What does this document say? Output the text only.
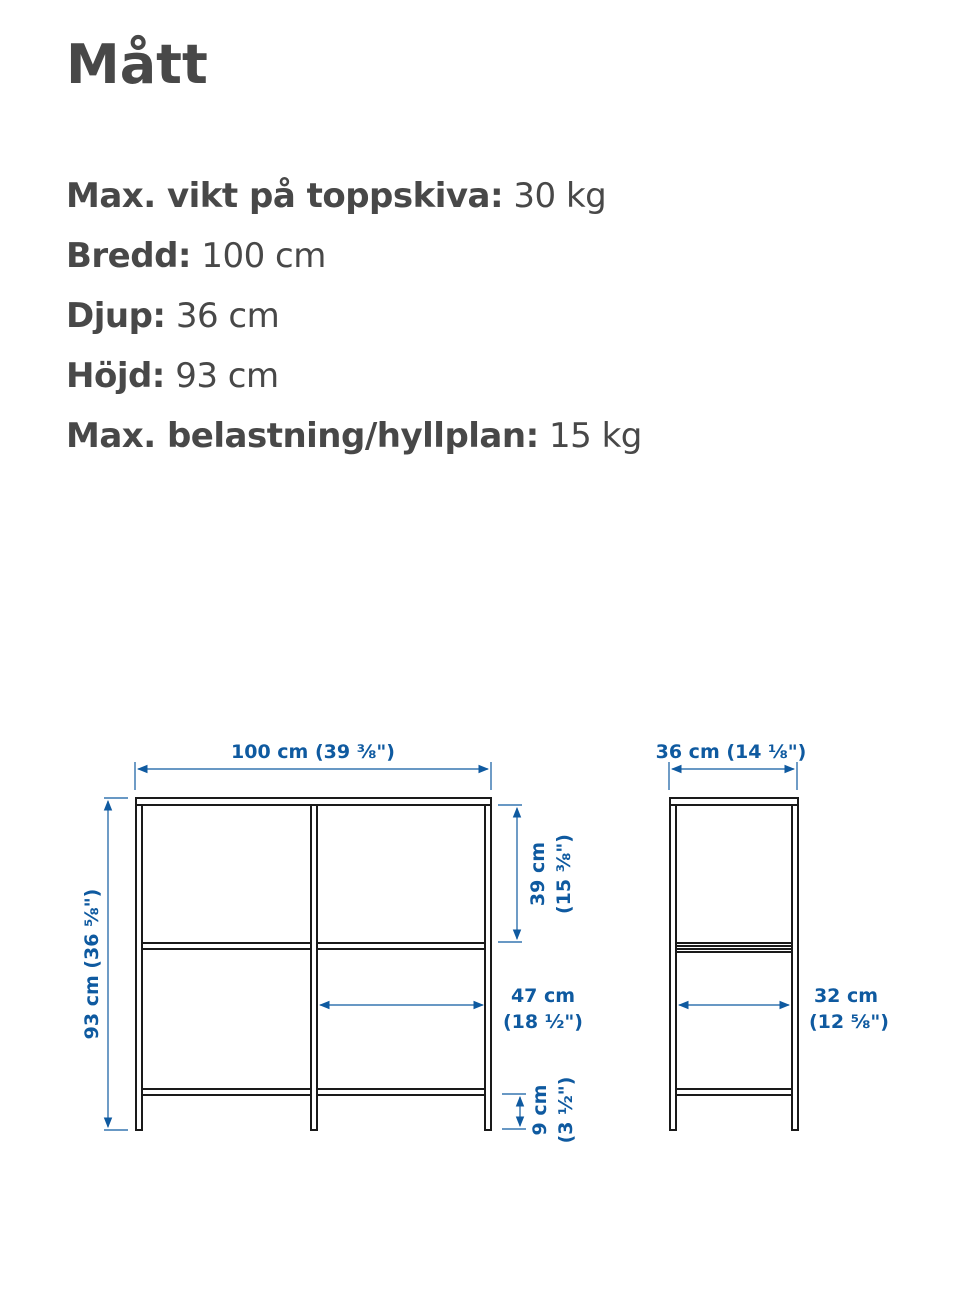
Mått
Max. vikt på toppskiva: 30 kg
Bredd: 100 cm
Djup: 36 cm
Höjd: 93 cm
Max. belastning/hyllplan: 15 kg
100 cm (39 ⅜")
93 cm (36 ⅝")
39 cm (15 ⅜")
47 cm
(18 ½")
9 cm (3 ½")
36 cm (14 ⅛")
32 cm
(12 ⅝")
